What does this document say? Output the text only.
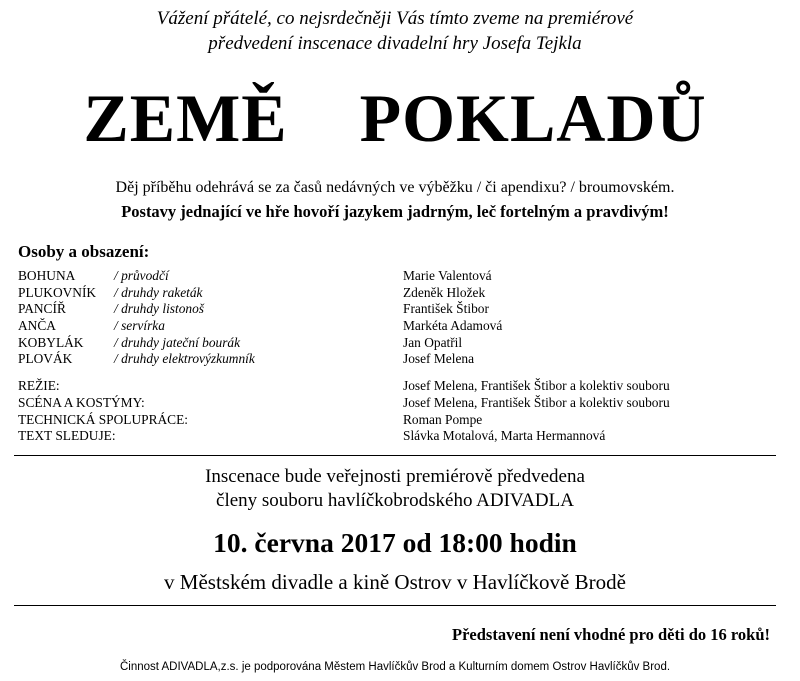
Vážení přátelé, co nejsrdečněji Vás tímto zveme na premiérové
předvedení inscenace divadelní hry Josefa Tejkla
ZEMĚ  POKLADŮ
Děj příběhu odehrává se za časů nedávných ve výběžku / či apendixu? / broumovském.
Postavy jednající ve hře hovoří jazykem jadrným, leč fortelným a pravdivým!
Osoby a obsazení:
BOHUNA	/ průvodčí	Marie Valentová
PLUKOVNÍK / druhdy raketák	Zdeněk Hložek
PANCÍŘ	/ druhdy listonoš	František Štibor
ANČA	/ servírka	Markéta Adamová
KOBYLÁK / druhdy jateční bourák	Jan Opatřil
PLOVÁK	/ druhdy elektrovýzkumník	Josef Melena
REŽIE:	Josef Melena, František Štibor a kolektiv souboru
SCÉNA A KOSTÝMY:	Josef Melena, František Štibor a kolektiv souboru
TECHNICKÁ SPOLUPRÁCE:	Roman Pompe
TEXT SLEDUJE:	Slávka Motalová, Marta Hermannová
Inscenace bude veřejnosti premiérově předvedena
členy souboru havlíčkobrodského ADIVADLA
10. června 2017 od 18:00 hodin
v Městském divadle a kině Ostrov v Havlíčkově Brodě
Představení není vhodné pro děti do 16 roků!
Činnost ADIVADLA,z.s. je podporována Městem Havlíčkův Brod a Kulturním domem Ostrov Havlíčkův Brod.
